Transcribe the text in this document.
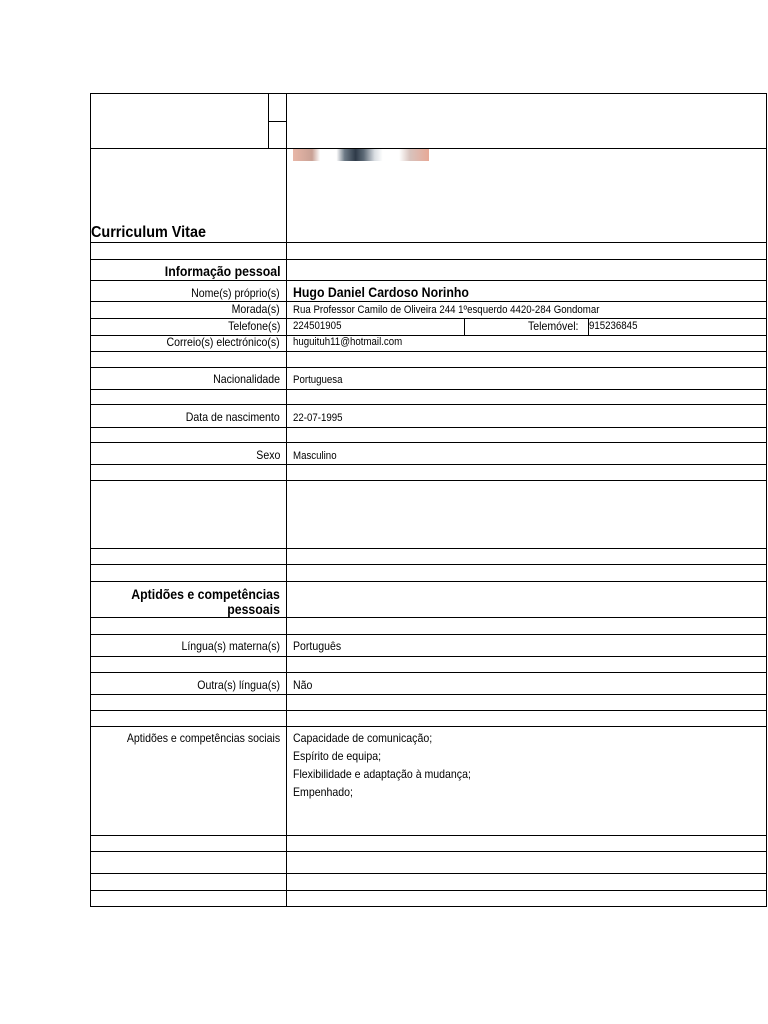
Curriculum Vitae
Informação pessoal
Nome(s) próprio(s) Hugo Daniel Cardoso Norinho
Morada(s) Rua Professor Camilo de Oliveira 244 1ºesquerdo 4420-284 Gondomar
Telefone(s) 224501905	Telemóvel: 915236845
Correio(s) electrónico(s) huguituh11@hotmail.com
Nacionalidade Portuguesa
Data de nascimento 22-07-1995
Sexo Masculino
Aptidões e competências
pessoais
Língua(s) materna(s) Português
Outra(s) língua(s) Não
Aptidões e competências sociais Capacidade de comunicação;
Espírito de equipa;
Flexibilidade e adaptação à mudança;
Empenhado;
